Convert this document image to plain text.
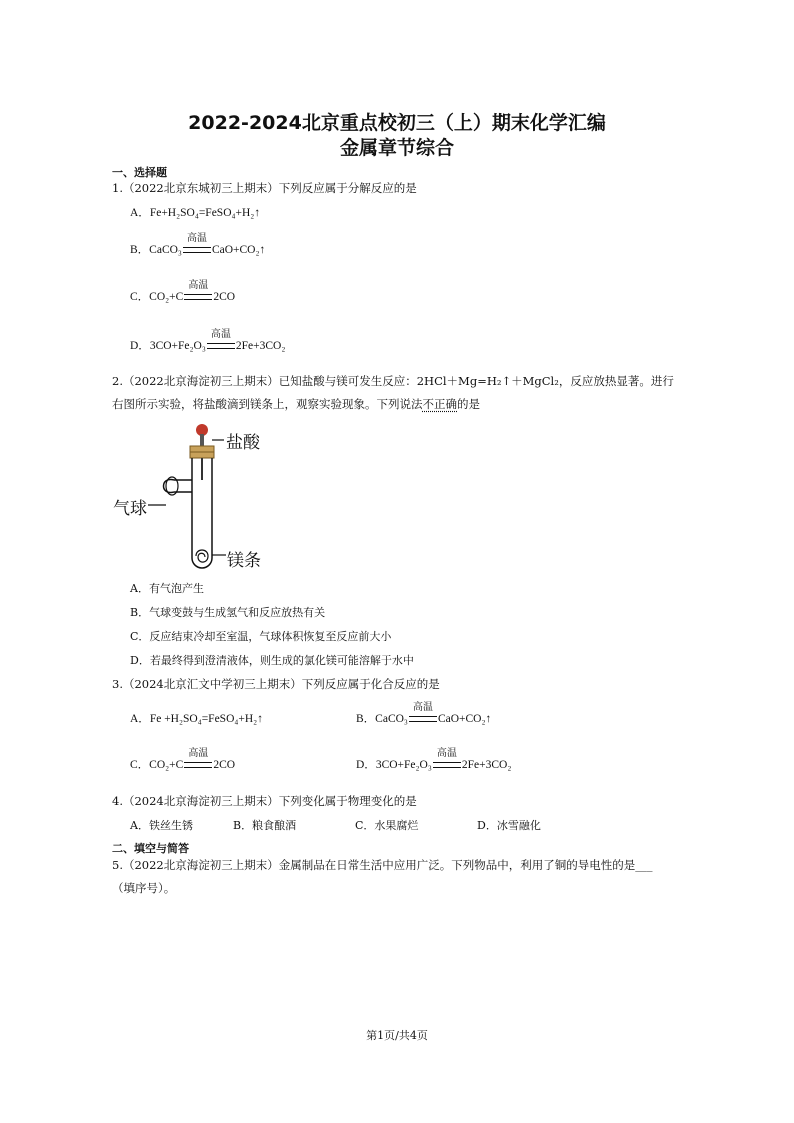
2022-2024北京重点校初三（上）期末化学汇编
金属章节综合
一、选择题
1.（2022北京东城初三上期末）下列反应属于分解反应的是
A．Fe+H₂SO₄=FeSO₄+H₂↑
B．CaCO₃
高温
CaO+CO₂↑
C．CO₂+C
高温
2CO
D．3CO+Fe₂O₃
高温
2Fe+3CO₂
2.（2022北京海淀初三上期末）已知盐酸与镁可发生反应：2HCl＋Mg=H₂↑＋MgCl₂，反应放热显著。进行
右图所示实验，将盐酸滴到镁条上，观察实验现象。下列说法不正确的是
盐酸
气球
镁条
A．有气泡产生
B．气球变鼓与生成氢气和反应放热有关
C．反应结束冷却至室温，气球体积恢复至反应前大小
D．若最终得到澄清液体，则生成的氯化镁可能溶解于水中
3.（2024北京汇文中学初三上期末）下列反应属于化合反应的是
A．Fe +H₂SO₄=FeSO₄+H₂↑	B．CaCO₃
高温
CaO+CO₂↑
C．CO₂+C
高温
2CO	D．3CO+Fe₂O₃
高温
2Fe+3CO₂
4.（2024北京海淀初三上期末）下列变化属于物理变化的是
A．铁丝生锈	B．粮食酿酒	C．水果腐烂	D．冰雪融化
二、填空与简答
5.（2022北京海淀初三上期末）金属制品在日常生活中应用广泛。下列物品中，利用了铜的导电性的是___
（填序号）。
第1页/共4页
